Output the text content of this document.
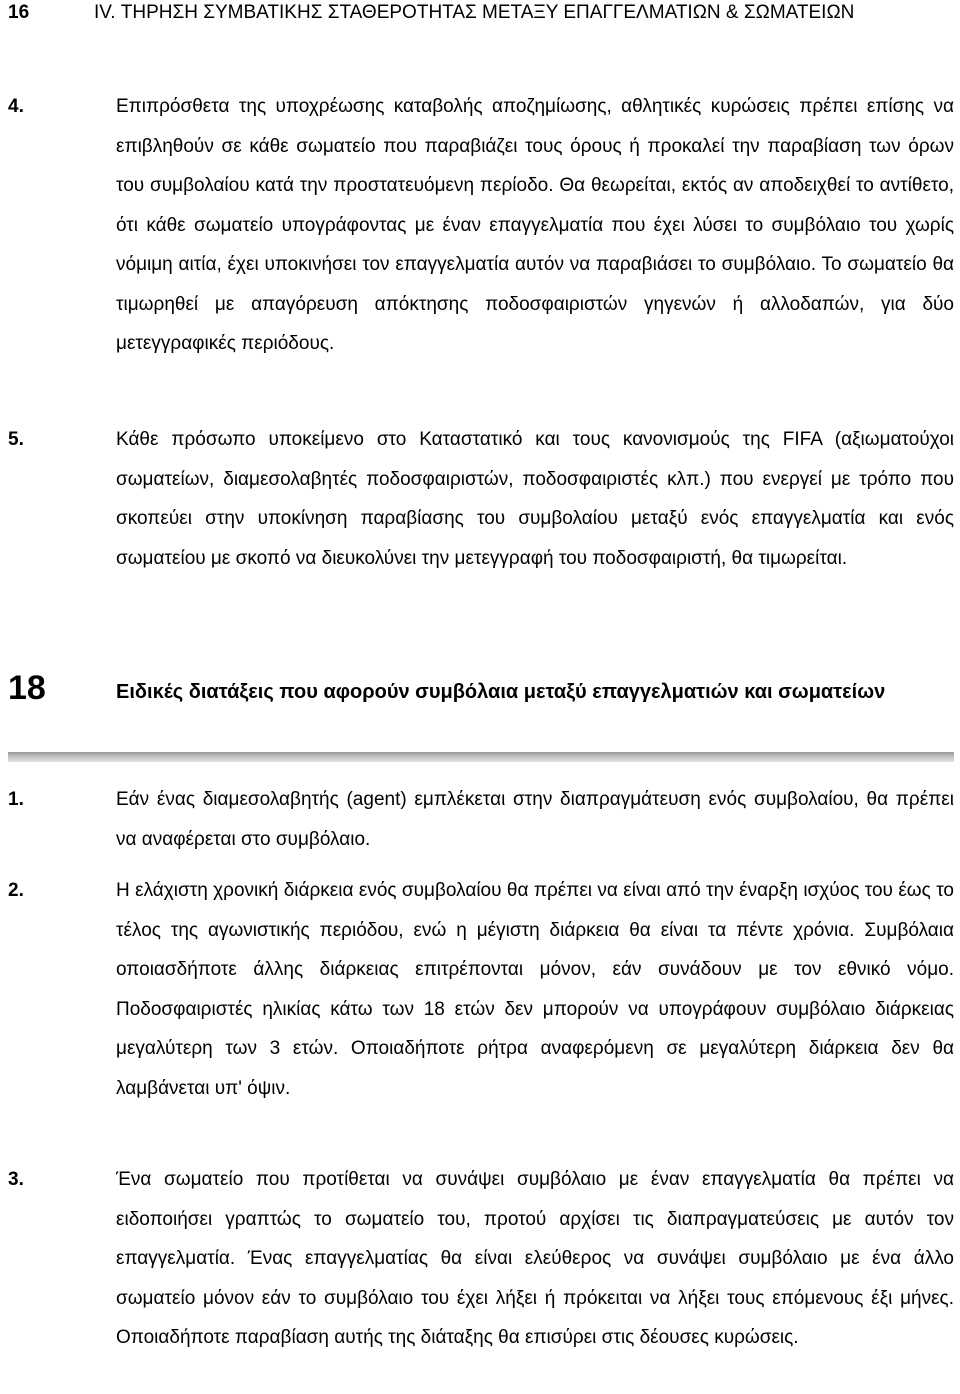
16	IV. ΤΗΡΗΣΗ ΣΥΜΒΑΤΙΚΗΣ ΣΤΑΘΕΡΟΤΗΤΑΣ ΜΕΤΑΞΥ ΕΠΑΓΓΕΛΜΑΤΙΩΝ & ΣΩΜΑΤΕΙΩΝ
4.	Επιπρόσθετα της υποχρέωσης καταβολής αποζημίωσης, αθλητικές κυρώσεις πρέπει επίσης να επιβληθούν σε κάθε σωματείο που παραβιάζει τους όρους ή προκαλεί την παραβίαση των όρων του συμβολαίου κατά την προστατευόμενη περίοδο. Θα θεωρείται, εκτός αν αποδειχθεί το αντίθετο, ότι κάθε σωματείο υπογράφοντας με έναν επαγγελματία που έχει λύσει το συμβόλαιο του χωρίς νόμιμη αιτία, έχει υποκινήσει τον επαγγελματία αυτόν να παραβιάσει το συμβόλαιο. Το σωματείο θα τιμωρηθεί με απαγόρευση απόκτησης ποδοσφαιριστών γηγενών ή αλλοδαπών, για δύο μετεγγραφικές περιόδους.
5.	Κάθε πρόσωπο υποκείμενο στο Καταστατικό και τους κανονισμούς της FIFA (αξιωματούχοι σωματείων, διαμεσολαβητές ποδοσφαιριστών, ποδοσφαιριστές κλπ.) που ενεργεί με τρόπο που σκοπεύει στην υποκίνηση παραβίασης του συμβολαίου μεταξύ ενός επαγγελματία και ενός σωματείου με σκοπό να διευκολύνει την μετεγγραφή του ποδοσφαιριστή, θα τιμωρείται.
18	Ειδικές διατάξεις που αφορούν συμβόλαια μεταξύ επαγγελματιών και σωματείων
1.	Εάν ένας διαμεσολαβητής (agent) εμπλέκεται στην διαπραγμάτευση ενός συμβολαίου, θα πρέπει να αναφέρεται στο συμβόλαιο.
2.	Η ελάχιστη χρονική διάρκεια ενός συμβολαίου θα πρέπει να είναι από την έναρξη ισχύος του έως το τέλος της αγωνιστικής περιόδου, ενώ η μέγιστη διάρκεια θα είναι τα πέντε χρόνια. Συμβόλαια οποιασδήποτε άλλης διάρκειας επιτρέπονται μόνον, εάν συνάδουν με τον εθνικό νόμο. Ποδοσφαιριστές ηλικίας κάτω των 18 ετών δεν μπορούν να υπογράφουν συμβόλαιο διάρκειας μεγαλύτερη των 3 ετών. Οποιαδήποτε ρήτρα αναφερόμενη σε μεγαλύτερη διάρκεια δεν θα λαμβάνεται υπ' όψιν.
3.	Ένα σωματείο που προτίθεται να συνάψει συμβόλαιο με έναν επαγγελματία θα πρέπει να ειδοποιήσει γραπτώς το σωματείο του, προτού αρχίσει τις διαπραγματεύσεις με αυτόν τον επαγγελματία. Ένας επαγγελματίας θα είναι ελεύθερος να συνάψει συμβόλαιο με ένα άλλο σωματείο μόνον εάν το συμβόλαιο του έχει λήξει ή πρόκειται να λήξει τους επόμενους έξι μήνες. Οποιαδήποτε παραβίαση αυτής της διάταξης θα επισύρει στις δέουσες κυρώσεις.
